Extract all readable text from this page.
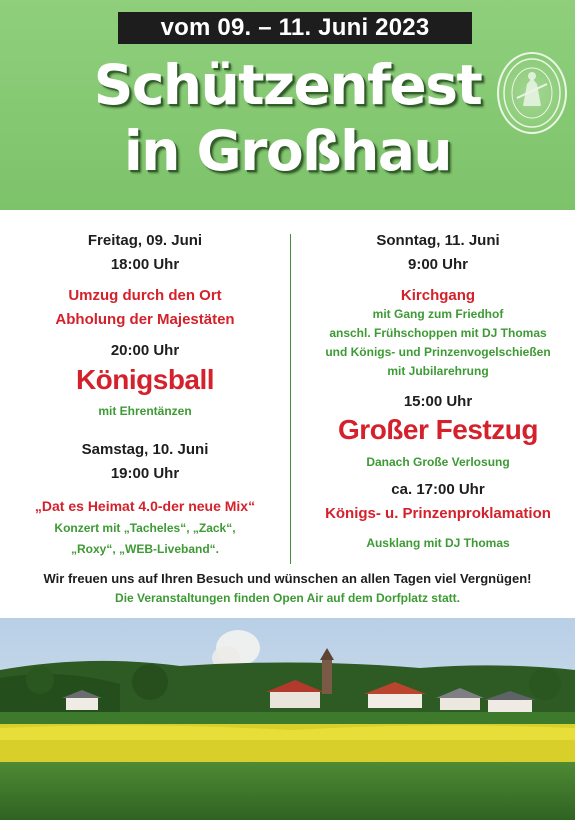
vom 09. – 11. Juni 2023
Schützenfest
in Großhau
Freitag, 09. Juni
18:00 Uhr
Umzug durch den Ort
Abholung der Majestäten
20:00 Uhr
Königsball
mit Ehrentänzen
Samstag, 10. Juni
19:00 Uhr
„Dat es Heimat 4.0-der neue Mix“
Konzert mit „Tacheles“, „Zack“,
„Roxy“, „WEB-Liveband“.
Sonntag, 11. Juni
9:00 Uhr
Kirchgang
mit Gang zum Friedhof
anschl. Frühschoppen mit DJ Thomas
und Königs- und Prinzenvogelschießen
mit Jubilarehrung
15:00 Uhr
Großer Festzug
Danach Große Verlosung
ca. 17:00 Uhr
Königs- u. Prinzenproklamation
Ausklang mit DJ Thomas
Wir freuen uns auf Ihren Besuch und wünschen an allen Tagen viel Vergnügen!
Die Veranstaltungen finden Open Air auf dem Dorfplatz statt.
